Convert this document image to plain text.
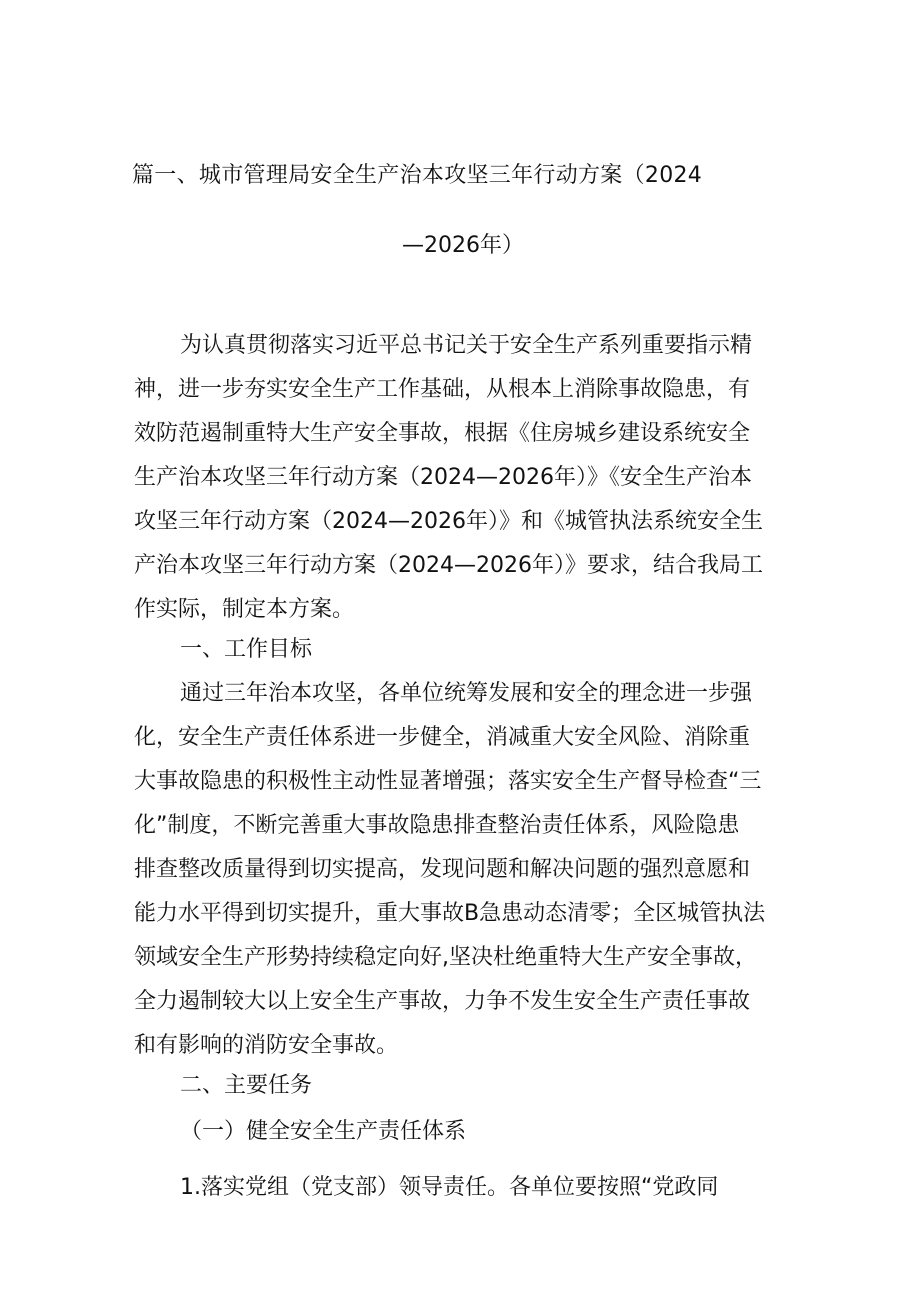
篇一、城市管理局安全生产治本攻坚三年行动方案（2024
—2026年）
为认真贯彻落实习近平总书记关于安全生产系列重要指示精
神，进一步夯实安全生产工作基础，从根本上消除事故隐患，有
效防范遏制重特大生产安全事故，根据《住房城乡建设系统安全
生产治本攻坚三年行动方案（2024—2026年）》《安全生产治本
攻坚三年行动方案（2024—2026年）》和《城管执法系统安全生
产治本攻坚三年行动方案（2024—2026年）》要求，结合我局工
作实际，制定本方案。
一、工作目标
通过三年治本攻坚，各单位统筹发展和安全的理念进一步强
化，安全生产责任体系进一步健全，消减重大安全风险、消除重
大事故隐患的积极性主动性显著增强；落实安全生产督导检查“三
化”制度，不断完善重大事故隐患排查整治责任体系，风险隐患
排查整改质量得到切实提高，发现问题和解决问题的强烈意愿和
能力水平得到切实提升，重大事故B急患动态清零；全区城管执法
领域安全生产形势持续稳定向好,坚决杜绝重特大生产安全事故，
全力遏制较大以上安全生产事故，力争不发生安全生产责任事故
和有影响的消防安全事故。
二、主要任务
（一）健全安全生产责任体系
1.落实党组（党支部）领导责任。各单位要按照“党政同
